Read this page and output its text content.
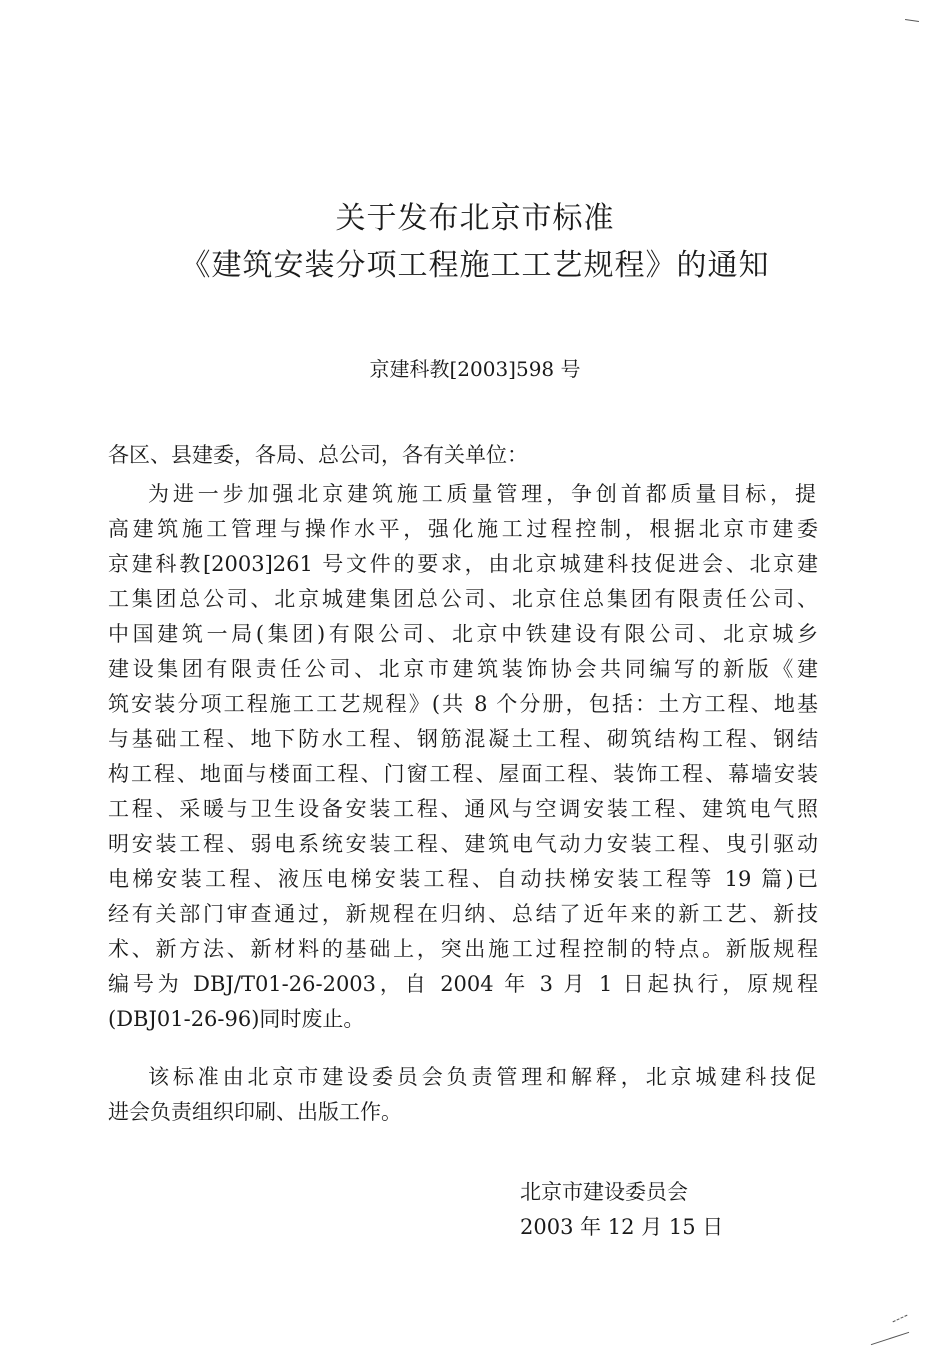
关于发布北京市标准
《建筑安装分项工程施工工艺规程》的通知
京建科教[2003]598 号
各区、县建委，各局、总公司，各有关单位：
为进一步加强北京建筑施工质量管理，争创首都质量目标，提
高建筑施工管理与操作水平，强化施工过程控制，根据北京市建委
京建科教[2003]261 号文件的要求，由北京城建科技促进会、北京建
工集团总公司、北京城建集团总公司、北京住总集团有限责任公司、
中国建筑一局(集团)有限公司、北京中铁建设有限公司、北京城乡
建设集团有限责任公司、北京市建筑装饰协会共同编写的新版《建
筑安装分项工程施工工艺规程》(共 8 个分册，包括：土方工程、地基
与基础工程、地下防水工程、钢筋混凝土工程、砌筑结构工程、钢结
构工程、地面与楼面工程、门窗工程、屋面工程、装饰工程、幕墙安装
工程、采暖与卫生设备安装工程、通风与空调安装工程、建筑电气照
明安装工程、弱电系统安装工程、建筑电气动力安装工程、曳引驱动
电梯安装工程、液压电梯安装工程、自动扶梯安装工程等 19 篇)已
经有关部门审查通过，新规程在归纳、总结了近年来的新工艺、新技
术、新方法、新材料的基础上，突出施工过程控制的特点。新版规程
编号为 DBJ/T01-26-2003，自 2004 年 3 月 1 日起执行，原规程
(DBJ01-26-96)同时废止。
该标准由北京市建设委员会负责管理和解释，北京城建科技促
进会负责组织印刷、出版工作。
北京市建设委员会
2003 年 12 月 15 日
